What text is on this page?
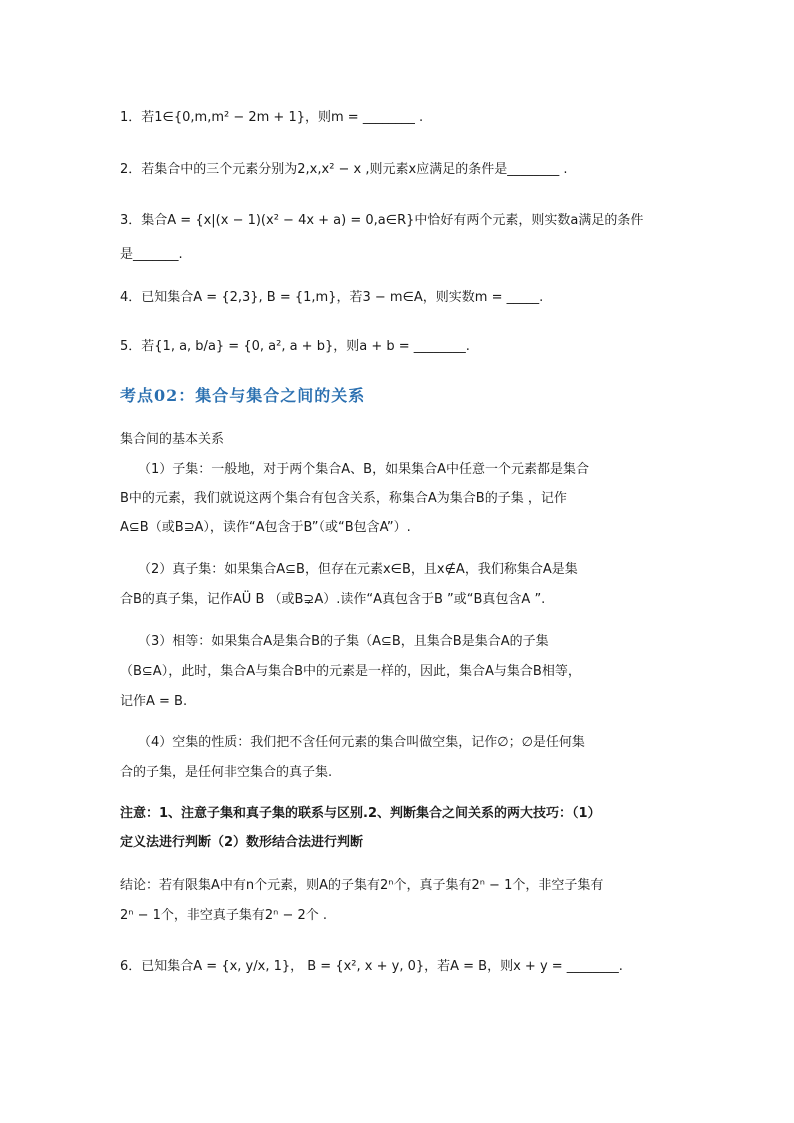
1．若1∈{0,m,m² − 2m + 1}，则m = ________ .
2．若集合中的三个元素分别为2,x,x² − x ,则元素x应满足的条件是________ .
3．集合A = {x|(x − 1)(x² − 4x + a) = 0,a∈R}中恰好有两个元素，则实数a满足的条件
是_______.
4．已知集合A = {2,3}, B = {1,m}，若3 − m∈A，则实数m = _____.
5．若{1, a, b/a} = {0, a², a + b}，则a + b = ________.
考点02：集合与集合之间的关系
集合间的基本关系
（1）子集：一般地，对于两个集合A、B，如果集合A中任意一个元素都是集合
B中的元素，我们就说这两个集合有包含关系，称集合A为集合B的子集 ，记作
A⊆B（或B⊇A），读作“A包含于B”（或“B包含A”）.
（2）真子集：如果集合A⊆B，但存在元素x∈B，且x∉A，我们称集合A是集
合B的真子集，记作AÜ B （或B⊋A）.读作“A真包含于B ”或“B真包含A ”.
（3）相等：如果集合A是集合B的子集（A⊆B，且集合B是集合A的子集
（B⊆A），此时，集合A与集合B中的元素是一样的，因此，集合A与集合B相等，
记作A = B.
（4）空集的性质：我们把不含任何元素的集合叫做空集，记作∅；∅是任何集
合的子集，是任何非空集合的真子集.
注意：1、注意子集和真子集的联系与区别.2、判断集合之间关系的两大技巧：（1）
定义法进行判断（2）数形结合法进行判断
结论：若有限集A中有n个元素，则A的子集有2ⁿ个，真子集有2ⁿ − 1个，非空子集有
2ⁿ − 1个，非空真子集有2ⁿ − 2个 .
6．已知集合A = {x, y/x, 1}， B = {x², x + y, 0}，若A = B，则x + y = ________.
